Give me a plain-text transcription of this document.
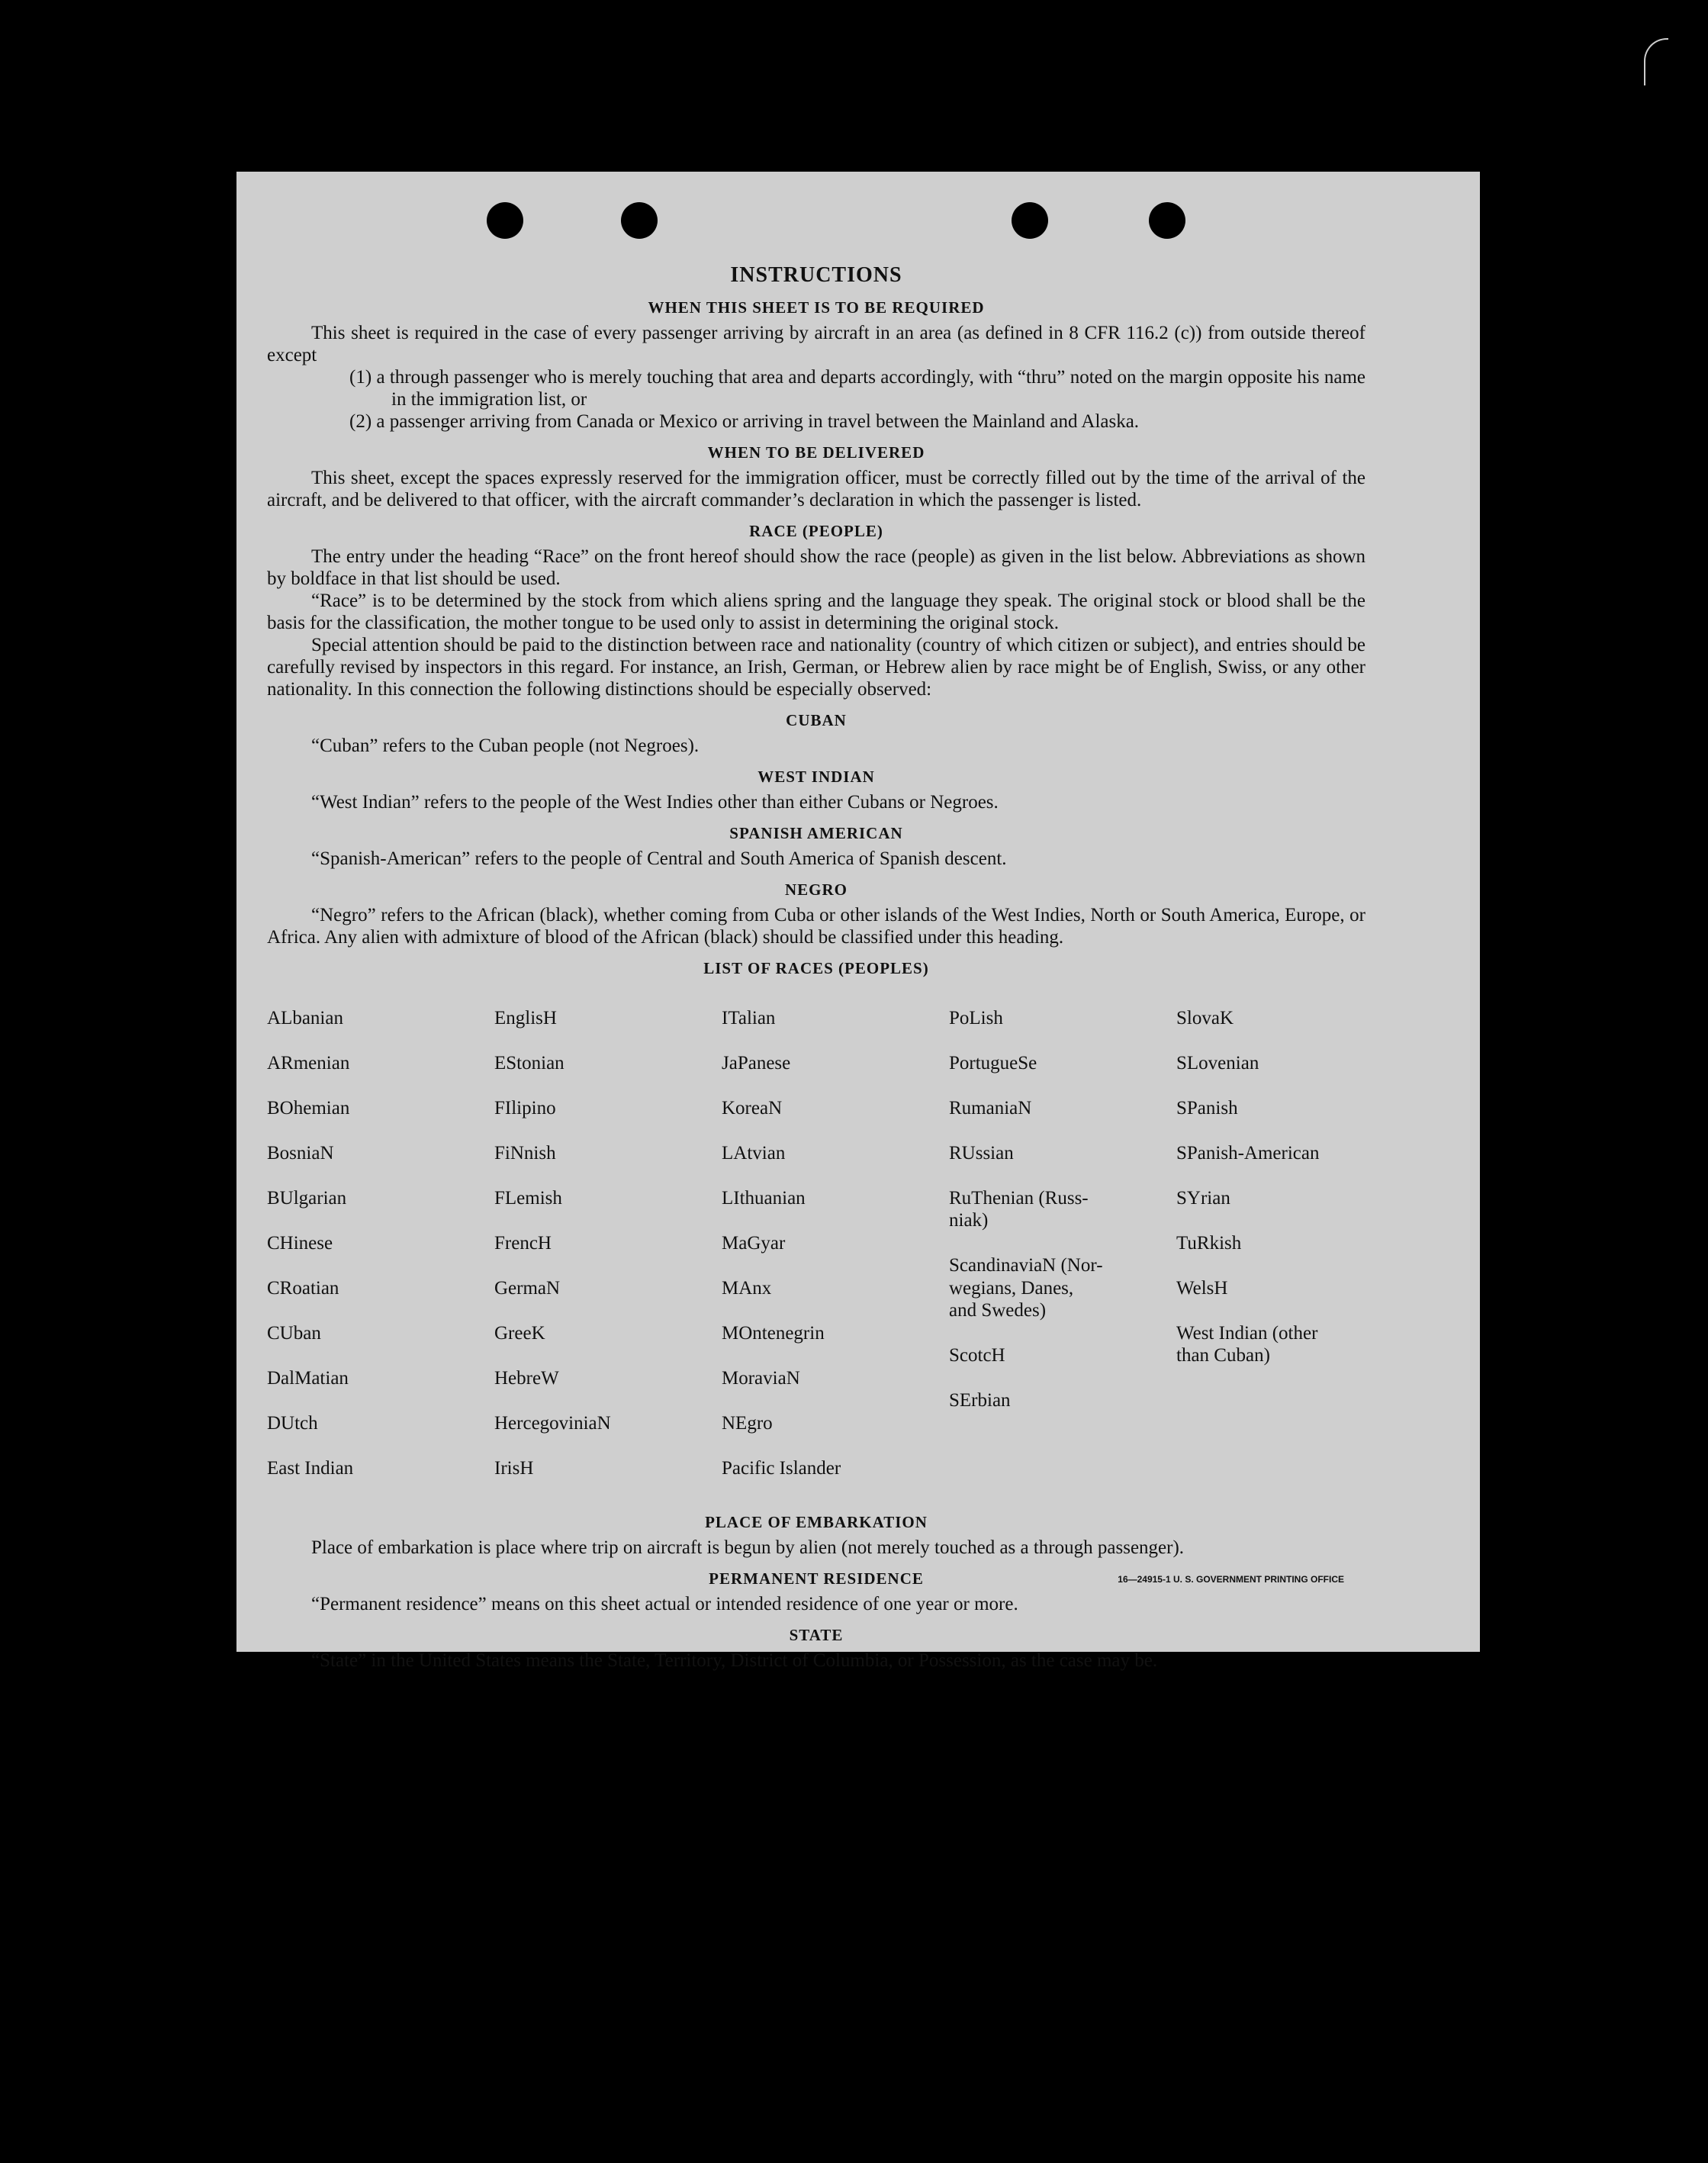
INSTRUCTIONS
WHEN THIS SHEET IS TO BE REQUIRED

This sheet is required in the case of every passenger arriving by aircraft in an area (as defined in 8 CFR 116.2 (c)) from outside thereof except

(1) a through passenger who is merely touching that area and departs accordingly, with “thru” noted on the margin opposite his name in the immigration list, or

(2) a passenger arriving from Canada or Mexico or arriving in travel between the Mainland and Alaska.

WHEN TO BE DELIVERED

This sheet, except the spaces expressly reserved for the immigration officer, must be correctly filled out by the time of the arrival of the aircraft, and be delivered to that officer, with the aircraft commander’s declaration in which the passenger is listed.

RACE (PEOPLE)

The entry under the heading “Race” on the front hereof should show the race (people) as given in the list below. Abbreviations as shown by boldface in that list should be used.

“Race” is to be determined by the stock from which aliens spring and the language they speak. The original stock or blood shall be the basis for the classification, the mother tongue to be used only to assist in determining the original stock.

Special attention should be paid to the distinction between race and nationality (country of which citizen or subject), and entries should be carefully revised by inspectors in this regard. For instance, an Irish, German, or Hebrew alien by race might be of English, Swiss, or any other nationality. In this connection the following distinctions should be especially observed:

CUBAN

“Cuban” refers to the Cuban people (not Negroes).

WEST INDIAN

“West Indian” refers to the people of the West Indies other than either Cubans or Negroes.

SPANISH AMERICAN

“Spanish-American” refers to the people of Central and South America of Spanish descent.

NEGRO

“Negro” refers to the African (black), whether coming from Cuba or other islands of the West Indies, North or South America, Europe, or Africa. Any alien with admixture of blood of the African (black) should be classified under this heading.

LIST OF RACES (PEOPLES)

ALbanian

ARmenian

BOhemian

BosniaN

BUlgarian

CHinese

CRoatian

CUban

DalMatian

DUtch

East Indian

EnglisH

EStonian

FIlipino

FiNnish

FLemish

FrencH

GermaN

GreeK

HebreW

HercegoviniaN

IrisH

ITalian

JaPanese

KoreaN

LAtvian

LIthuanian

MaGyar

MAnx

MOntenegrin

MoraviaN

NEgro

Pacific Islander

PoLish

PortugueSe

RumaniaN

RUssian

RuThenian (Russ-
niak)

ScandinaviaN (Nor-
wegians, Danes,
and Swedes)

ScotcH

SErbian

SlovaK

SLovenian

SPanish

SPanish-American

SYrian

TuRkish

WelsH

West Indian (other
than Cuban)

PLACE OF EMBARKATION

Place of embarkation is place where trip on aircraft is begun by alien (not merely touched as a through passenger).

PERMANENT RESIDENCE

“Permanent residence” means on this sheet actual or intended residence of one year or more.

STATE

“State” in the United States means the State, Territory, District of Columbia, or Possession, as the case may be.

16—24915-1 U. S. GOVERNMENT PRINTING OFFICE
